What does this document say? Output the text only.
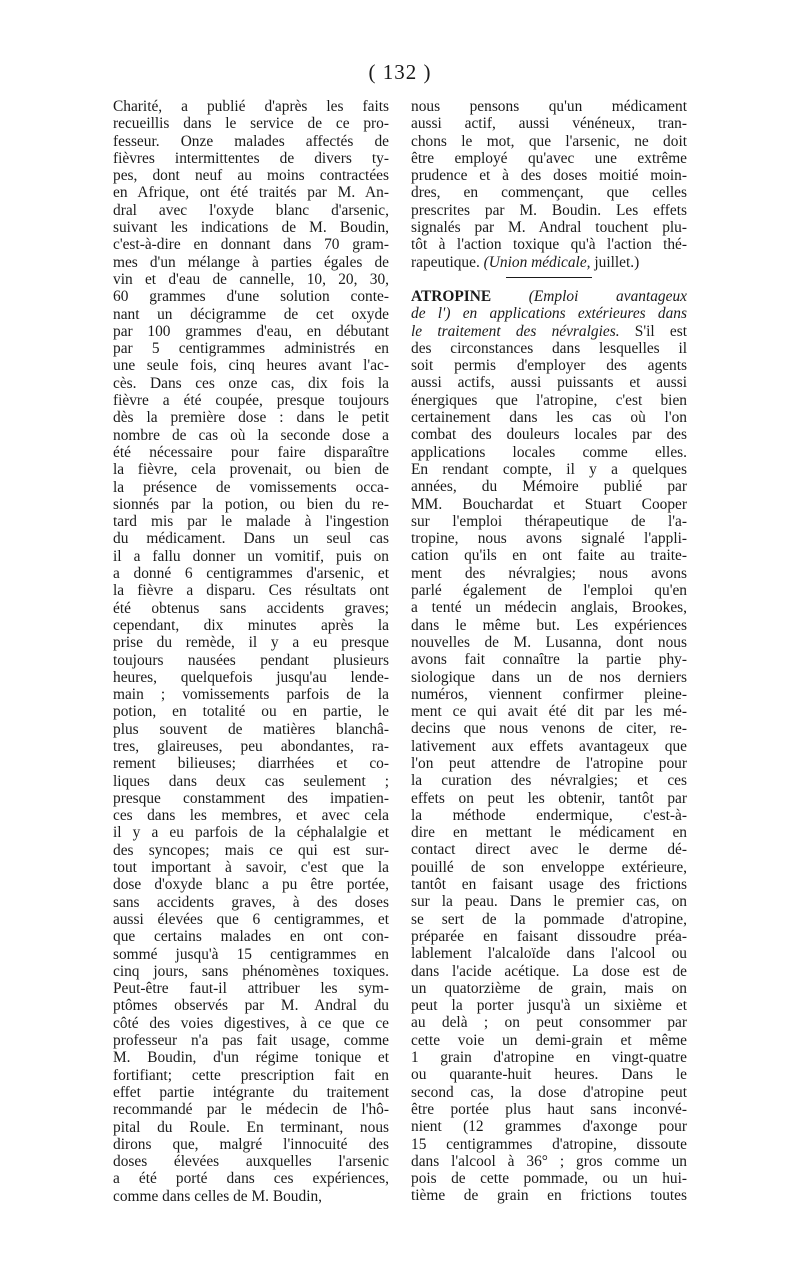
( 132 )
Charité, a publié d'après les faits
recueillis dans le service de ce pro-
fesseur. Onze malades affectés de
fièvres intermittentes de divers ty-
pes, dont neuf au moins contractées
en Afrique, ont été traités par M. An-
dral avec l'oxyde blanc d'arsenic,
suivant les indications de M. Boudin,
c'est-à-dire en donnant dans 70 gram-
mes d'un mélange à parties égales de
vin et d'eau de cannelle, 10, 20, 30,
60 grammes d'une solution conte-
nant un décigramme de cet oxyde
par 100 grammes d'eau, en débutant
par 5 centigrammes administrés en
une seule fois, cinq heures avant l'ac-
cès. Dans ces onze cas, dix fois la
fièvre a été coupée, presque toujours
dès la première dose : dans le petit
nombre de cas où la seconde dose a
été nécessaire pour faire disparaître
la fièvre, cela provenait, ou bien de
la présence de vomissements occa-
sionnés par la potion, ou bien du re-
tard mis par le malade à l'ingestion
du médicament. Dans un seul cas
il a fallu donner un vomitif, puis on
a donné 6 centigrammes d'arsenic, et
la fièvre a disparu. Ces résultats ont
été obtenus sans accidents graves;
cependant, dix minutes après la
prise du remède, il y a eu presque
toujours nausées pendant plusieurs
heures, quelquefois jusqu'au lende-
main ; vomissements parfois de la
potion, en totalité ou en partie, le
plus souvent de matières blanchâ-
tres, glaireuses, peu abondantes, ra-
rement bilieuses; diarrhées et co-
liques dans deux cas seulement ;
presque constamment des impatien-
ces dans les membres, et avec cela
il y a eu parfois de la céphalalgie et
des syncopes; mais ce qui est sur-
tout important à savoir, c'est que la
dose d'oxyde blanc a pu être portée,
sans accidents graves, à des doses
aussi élevées que 6 centigrammes, et
que certains malades en ont con-
sommé jusqu'à 15 centigrammes en
cinq jours, sans phénomènes toxiques.
Peut-être faut-il attribuer les sym-
ptômes observés par M. Andral du
côté des voies digestives, à ce que ce
professeur n'a pas fait usage, comme
M. Boudin, d'un régime tonique et
fortifiant; cette prescription fait en
effet partie intégrante du traitement
recommandé par le médecin de l'hô-
pital du Roule. En terminant, nous
dirons que, malgré l'innocuité des
doses élevées auxquelles l'arsenic
a été porté dans ces expériences,
comme dans celles de M. Boudin,
nous pensons qu'un médicament
aussi actif, aussi vénéneux, tran-
chons le mot, que l'arsenic, ne doit
être employé qu'avec une extrême
prudence et à des doses moitié moin-
dres, en commençant, que celles
prescrites par M. Boudin. Les effets
signalés par M. Andral touchent plu-
tôt à l'action toxique qu'à l'action thé-
rapeutique. (Union médicale, juillet.)
ATROPINE (Emploi avantageux
de l') en applications extérieures dans
le traitement des névralgies. S'il est
des circonstances dans lesquelles il
soit permis d'employer des agents
aussi actifs, aussi puissants et aussi
énergiques que l'atropine, c'est bien
certainement dans les cas où l'on
combat des douleurs locales par des
applications locales comme elles.
En rendant compte, il y a quelques
années, du Mémoire publié par
MM. Bouchardat et Stuart Cooper
sur l'emploi thérapeutique de l'a-
tropine, nous avons signalé l'appli-
cation qu'ils en ont faite au traite-
ment des névralgies; nous avons
parlé également de l'emploi qu'en
a tenté un médecin anglais, Brookes,
dans le même but. Les expériences
nouvelles de M. Lusanna, dont nous
avons fait connaître la partie phy-
siologique dans un de nos derniers
numéros, viennent confirmer pleine-
ment ce qui avait été dit par les mé-
decins que nous venons de citer, re-
lativement aux effets avantageux que
l'on peut attendre de l'atropine pour
la curation des névralgies; et ces
effets on peut les obtenir, tantôt par
la méthode endermique, c'est-à-
dire en mettant le médicament en
contact direct avec le derme dé-
pouillé de son enveloppe extérieure,
tantôt en faisant usage des frictions
sur la peau. Dans le premier cas, on
se sert de la pommade d'atropine,
préparée en faisant dissoudre préa-
lablement l'alcaloïde dans l'alcool ou
dans l'acide acétique. La dose est de
un quatorzième de grain, mais on
peut la porter jusqu'à un sixième et
au delà ; on peut consommer par
cette voie un demi-grain et même
1 grain d'atropine en vingt-quatre
ou quarante-huit heures. Dans le
second cas, la dose d'atropine peut
être portée plus haut sans inconvé-
nient (12 grammes d'axonge pour
15 centigrammes d'atropine, dissoute
dans l'alcool à 36° ; gros comme un
pois de cette pommade, ou un hui-
tième de grain en frictions toutes
